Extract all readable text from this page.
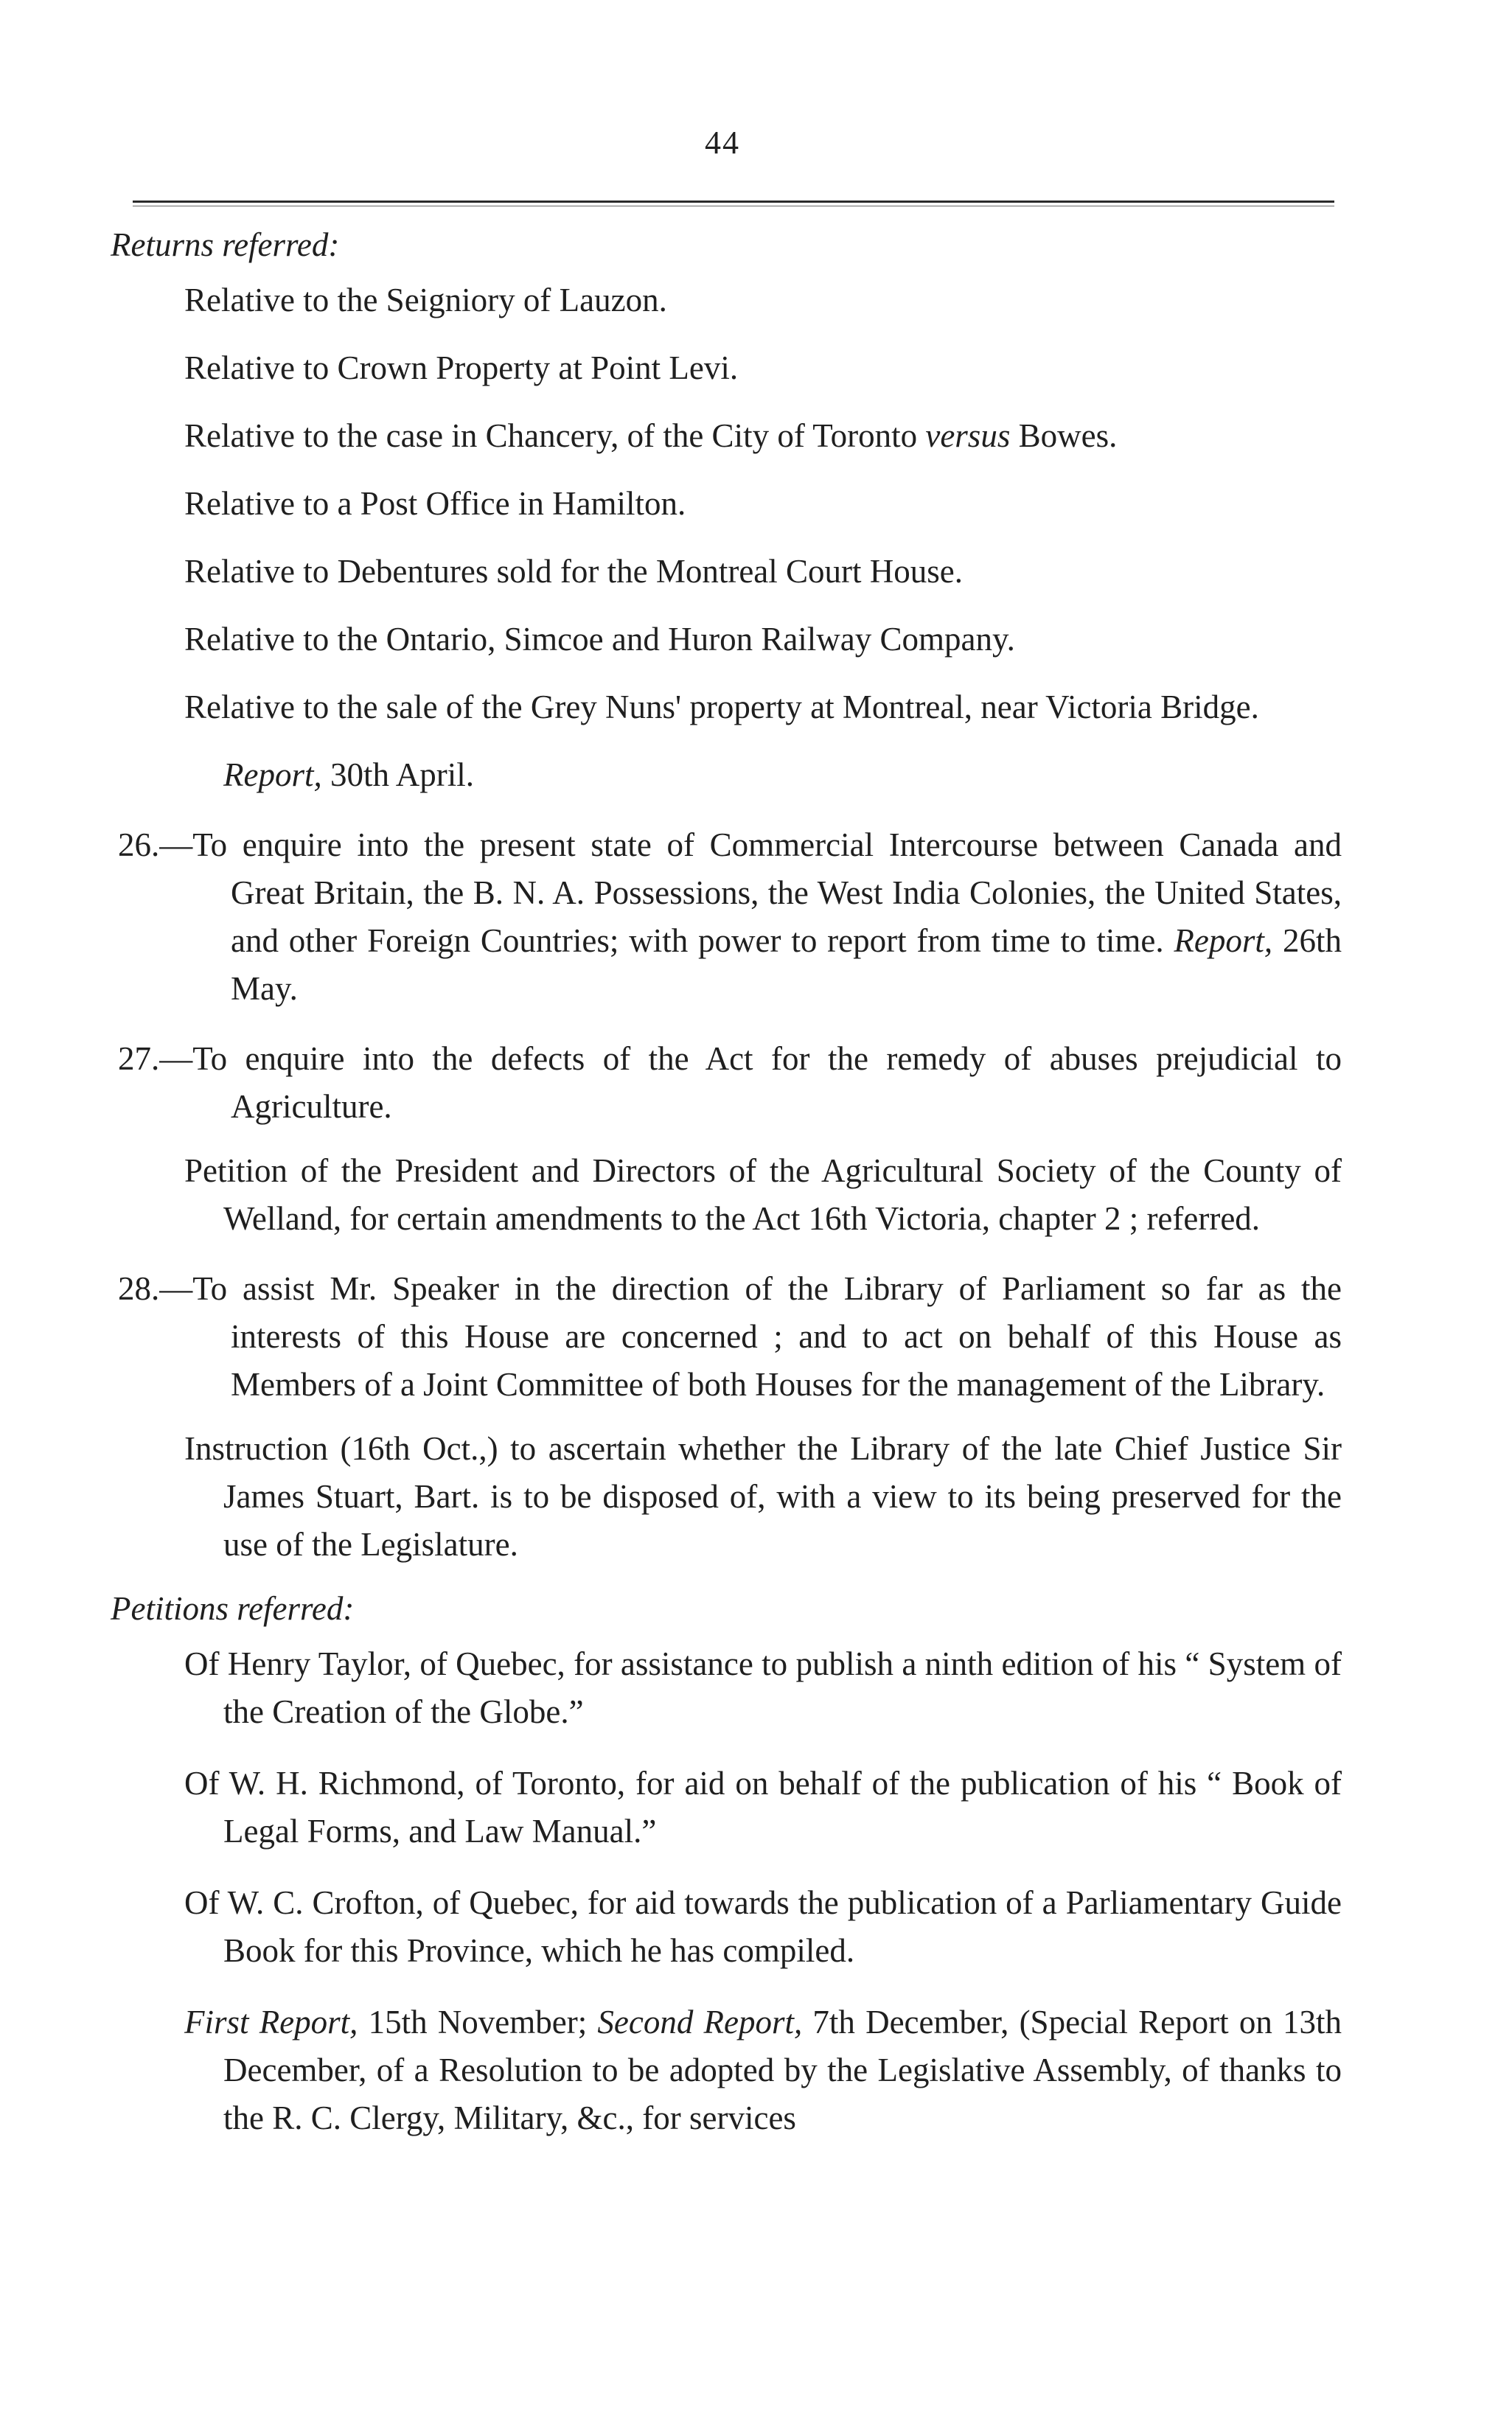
44
Returns referred:
Relative to the Seigniory of Lauzon.
Relative to Crown Property at Point Levi.
Relative to the case in Chancery, of the City of Toronto versus Bowes.
Relative to a Post Office in Hamilton.
Relative to Debentures sold for the Montreal Court House.
Relative to the Ontario, Simcoe and Huron Railway Company.
Relative to the sale of the Grey Nuns' property at Montreal, near Victoria Bridge.
Report, 30th April.
26.—To enquire into the present state of Commercial Intercourse between Canada and Great Britain, the B. N. A. Possessions, the West India Colonies, the United States, and other Foreign Countries; with power to report from time to time. Report, 26th May.
27.—To enquire into the defects of the Act for the remedy of abuses prejudicial to Agriculture.
Petition of the President and Directors of the Agricultural Society of the County of Welland, for certain amendments to the Act 16th Victoria, chapter 2 ; referred.
28.—To assist Mr. Speaker in the direction of the Library of Parliament so far as the interests of this House are concerned ; and to act on behalf of this House as Members of a Joint Committee of both Houses for the management of the Library.
Instruction (16th Oct.,) to ascertain whether the Library of the late Chief Justice Sir James Stuart, Bart. is to be disposed of, with a view to its being preserved for the use of the Legislature.
Petitions referred:
Of Henry Taylor, of Quebec, for assistance to publish a ninth edition of his “ System of the Creation of the Globe.”
Of W. H. Richmond, of Toronto, for aid on behalf of the publication of his “ Book of Legal Forms, and Law Manual.”
Of W. C. Crofton, of Quebec, for aid towards the publication of a Parliamentary Guide Book for this Province, which he has compiled.
First Report, 15th November; Second Report, 7th December, (Special Report on 13th December, of a Resolution to be adopted by the Legislative Assembly, of thanks to the R. C. Clergy, Military, &c., for services
